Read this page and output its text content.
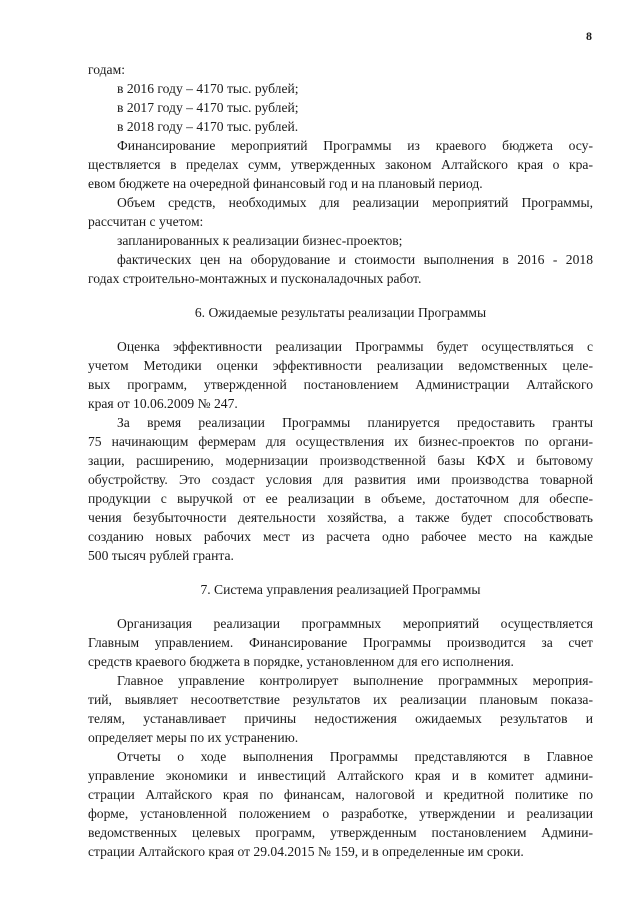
8
годам:
в 2016 году – 4170 тыс. рублей;
в 2017 году – 4170 тыс. рублей;
в 2018 году – 4170 тыс. рублей.
Финансирование мероприятий Программы из краевого бюджета осу-
ществляется в пределах сумм, утвержденных законом Алтайского края о кра-
евом бюджете на очередной финансовый год и на плановый период.
Объем средств, необходимых для реализации мероприятий Программы,
рассчитан с учетом:
запланированных к реализации бизнес-проектов;
фактических цен на оборудование и стоимости выполнения в 2016 - 2018
годах строительно-монтажных и пусконаладочных работ.
6. Ожидаемые результаты реализации Программы
Оценка эффективности реализации Программы будет осуществляться с
учетом Методики оценки эффективности реализации ведомственных целе-
вых программ, утвержденной постановлением Администрации Алтайского
края от 10.06.2009 № 247.
За время реализации Программы планируется предоставить гранты
75 начинающим фермерам для осуществления их бизнес-проектов по органи-
зации, расширению, модернизации производственной базы КФХ и бытовому
обустройству. Это создаст условия для развития ими производства товарной
продукции с выручкой от ее реализации в объеме, достаточном для обеспе-
чения безубыточности деятельности хозяйства, а также будет способствовать
созданию новых рабочих мест из расчета одно рабочее место на каждые
500 тысяч рублей гранта.
7. Система управления реализацией Программы
Организация реализации программных мероприятий осуществляется
Главным управлением. Финансирование Программы производится за счет
средств краевого бюджета в порядке, установленном для его исполнения.
Главное управление контролирует выполнение программных мероприя-
тий, выявляет несоответствие результатов их реализации плановым показа-
телям, устанавливает причины недостижения ожидаемых результатов и
определяет меры по их устранению.
Отчеты о ходе выполнения Программы представляются в Главное
управление экономики и инвестиций Алтайского края и в комитет админи-
страции Алтайского края по финансам, налоговой и кредитной политике по
форме, установленной положением о разработке, утверждении и реализации
ведомственных целевых программ, утвержденным постановлением Админи-
страции Алтайского края от 29.04.2015 № 159, и в определенные им сроки.
